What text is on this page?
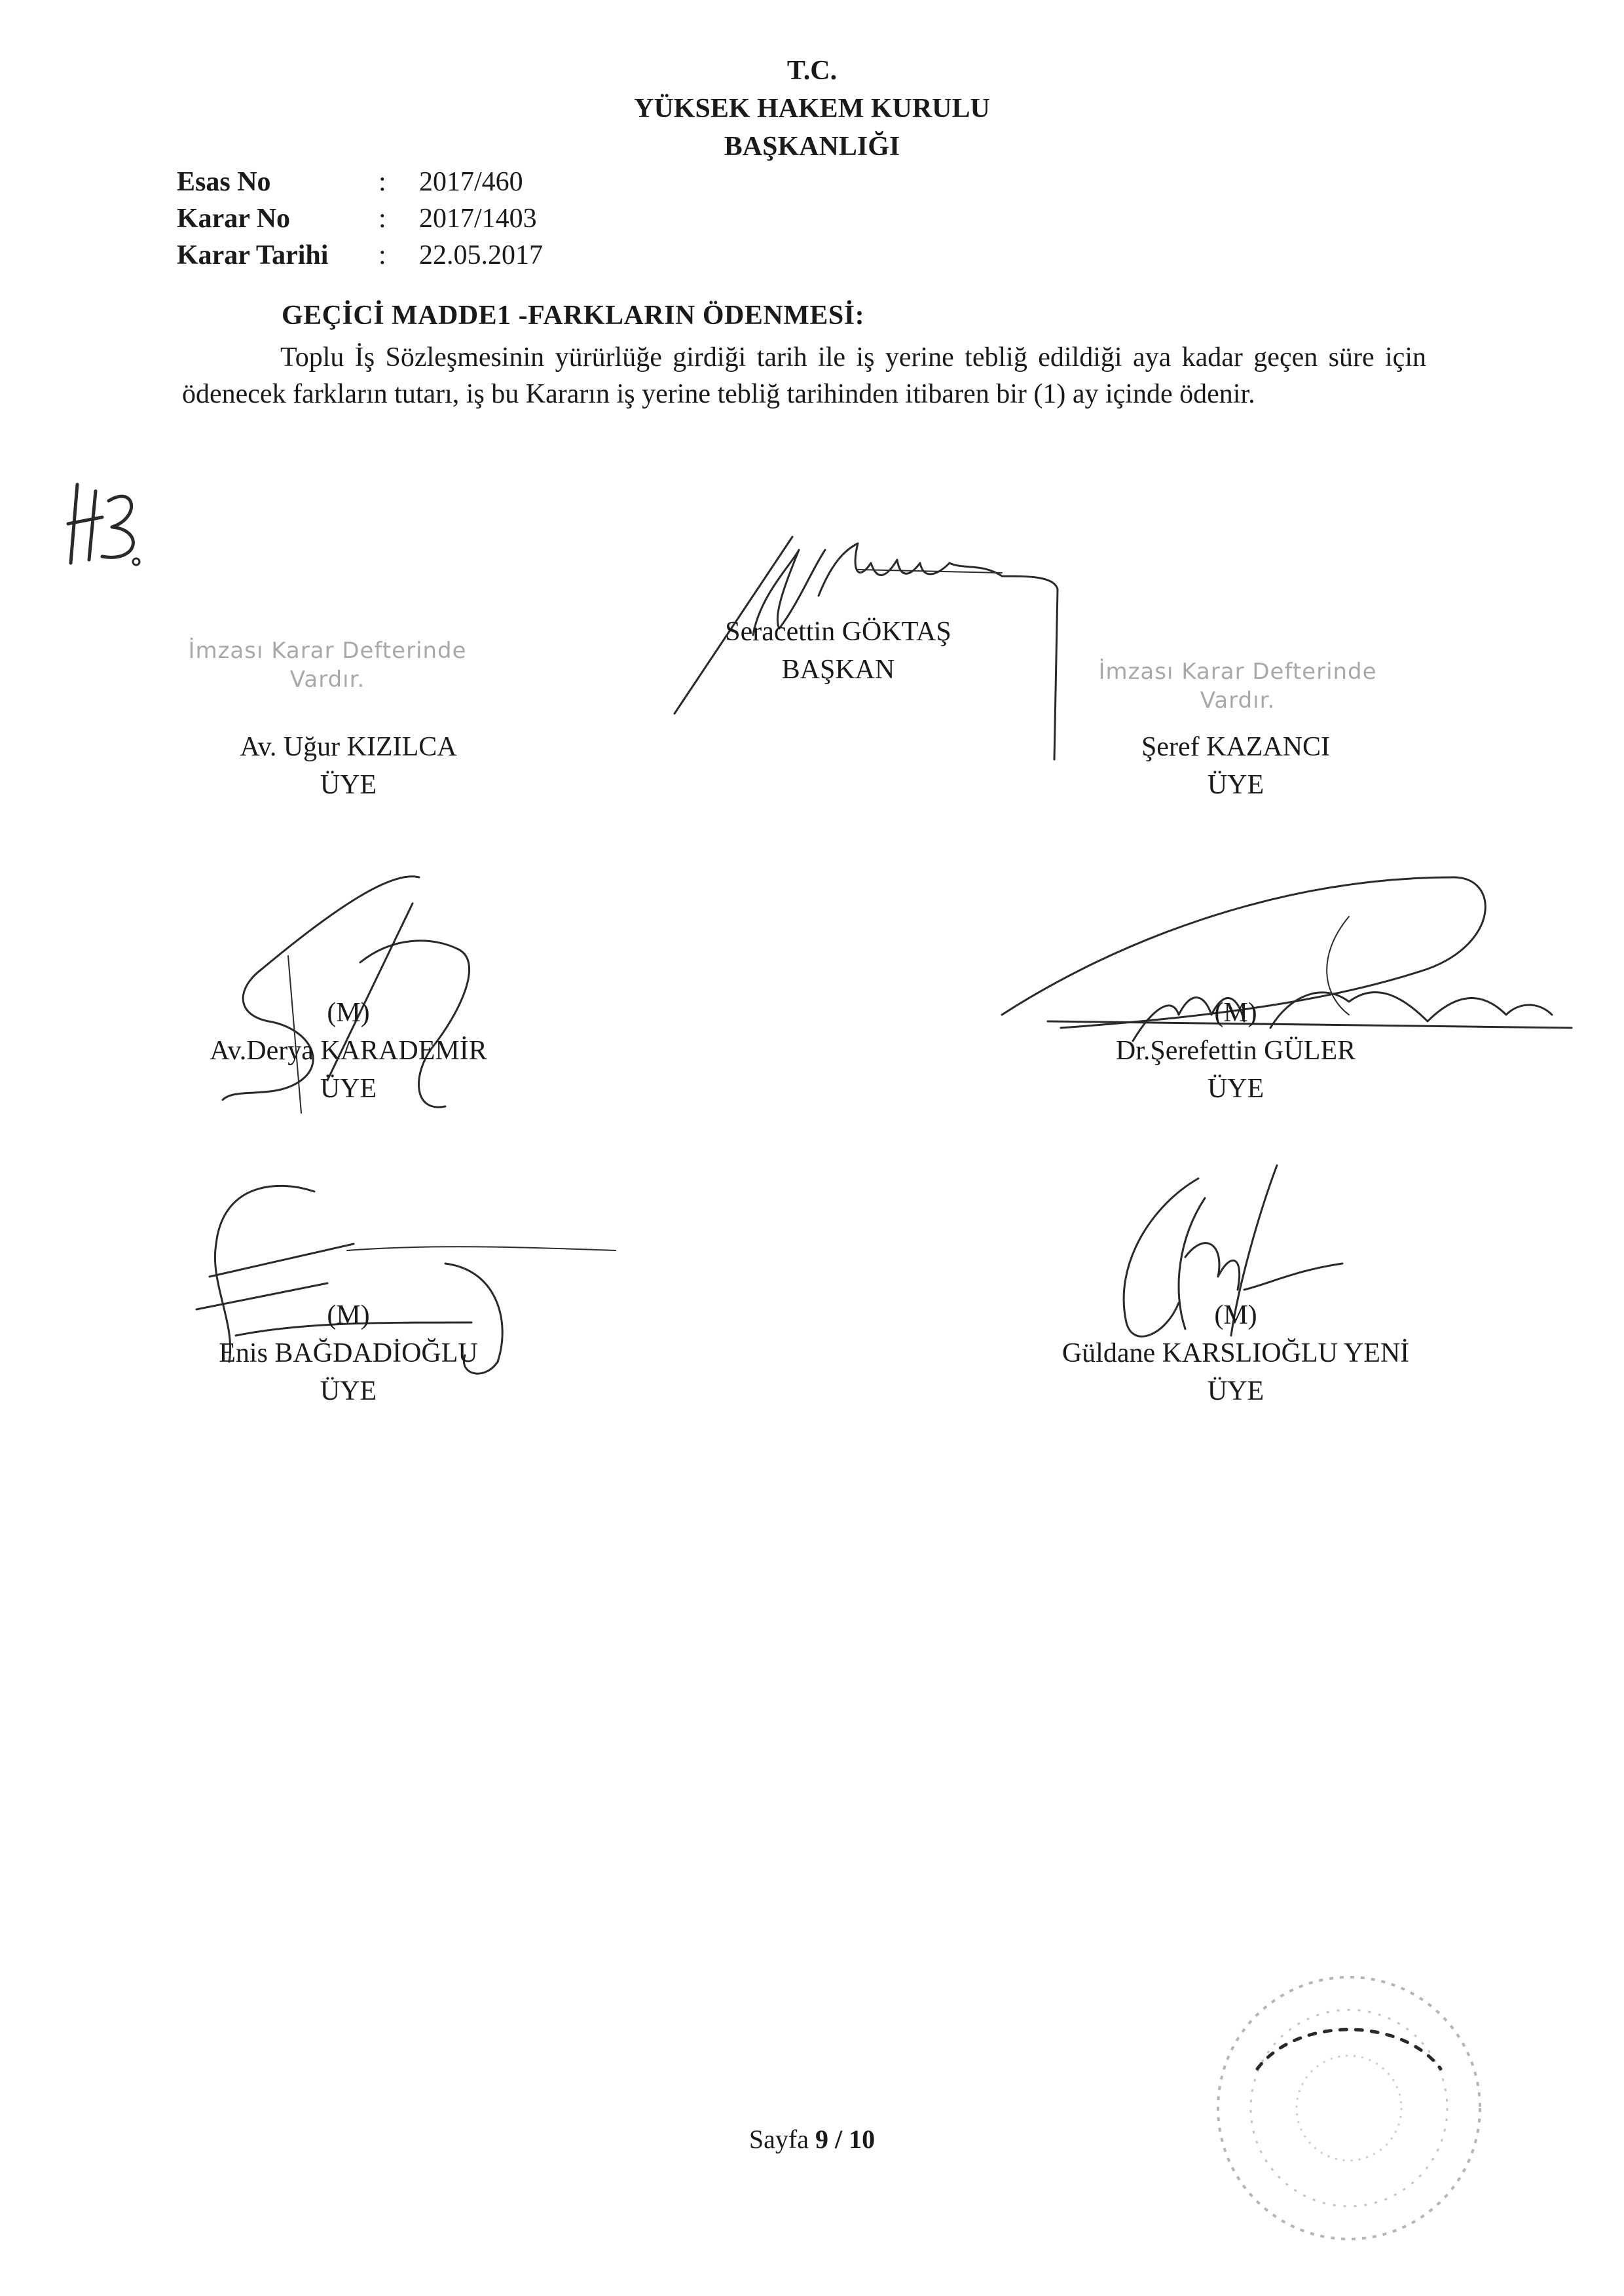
T.C.
YÜKSEK HAKEM KURULU
BAŞKANLIĞI
Esas No	: 2017/460
Karar No	: 2017/1403
Karar Tarihi	: 22.05.2017
GEÇİCİ MADDE1 -FARKLARIN ÖDENMESİ:
Toplu İş Sözleşmesinin yürürlüğe girdiği tarih ile iş yerine tebliğ edildiği aya kadar geçen süre için ödenecek farkların tutarı, iş bu Kararın iş yerine tebliğ tarihinden itibaren bir (1) ay içinde ödenir.
Seracettin GÖKTAŞ
BAŞKAN
İmzası Karar Defterinde
Vardır.	İmzası Karar Defterinde
Vardır.
Av. Uğur KIZILCA
ÜYE
Şeref KAZANCI
ÜYE
(M)
Av.Derya KARADEMİR
ÜYE
(M)
Dr.Şerefettin GÜLER
ÜYE
(M)
Enis BAĞDADİOĞLU
ÜYE
(M)
Güldane KARSLIOĞLU YENİ
ÜYE
Sayfa 9 / 10
